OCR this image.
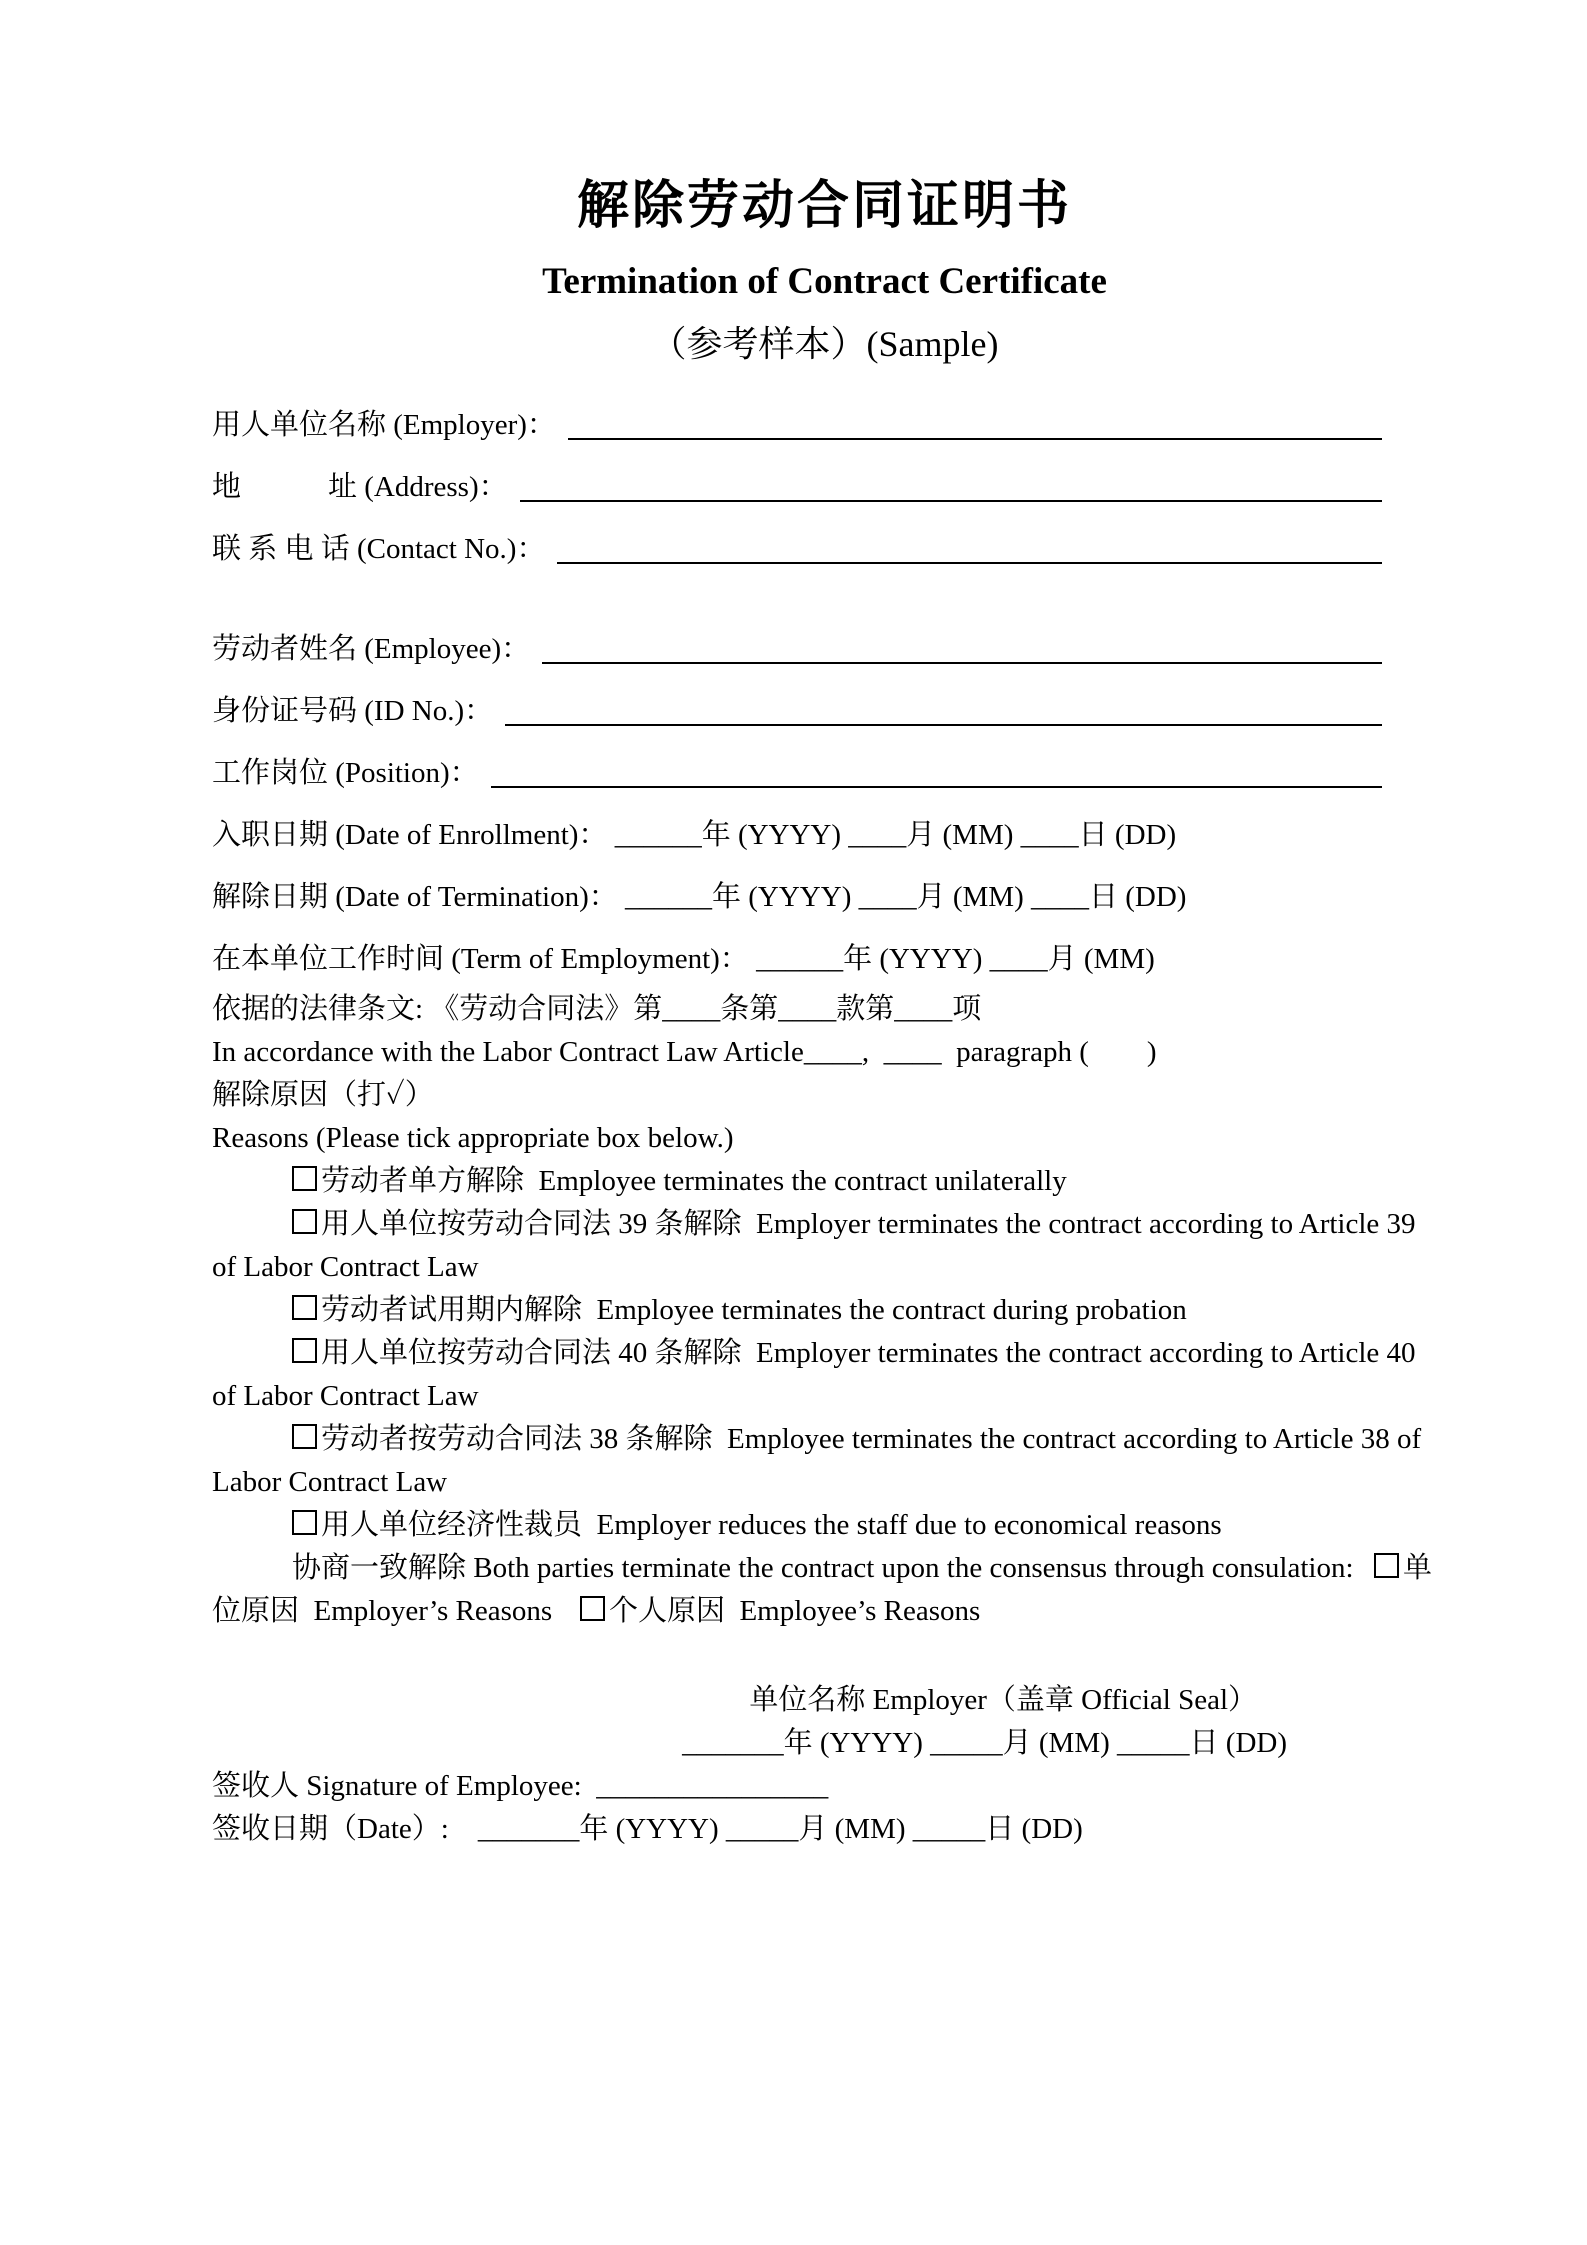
解除劳动合同证明书
Termination of Contract Certificate
（参考样本）(Sample)
用人单位名称 (Employer)：
地　　　址 (Address)：
联 系 电 话 (Contact No.)：
劳动者姓名 (Employee)：
身份证号码 (ID No.)：
工作岗位 (Position)：

入职日期 (Date of Enrollment)： ______年 (YYYY) ____月 (MM) ____日 (DD)

解除日期 (Date of Termination)： ______年 (YYYY) ____月 (MM) ____日 (DD)

在本单位工作时间 (Term of Employment)： ______年 (YYYY) ____月 (MM)

依据的法律条文: 《劳动合同法》第____条第____款第____项

In accordance with the Labor Contract Law Article____,  ____  paragraph (        )

解除原因（打✓）

Reasons (Please tick appropriate box below.)

劳动者单方解除  Employee terminates the contract unilaterally

用人单位按劳动合同法 39 条解除  Employer terminates the contract according to Article 39 of Labor Contract Law

劳动者试用期内解除  Employee terminates the contract during probation

用人单位按劳动合同法 40 条解除  Employer terminates the contract according to Article 40 of Labor Contract Law

劳动者按劳动合同法 38 条解除  Employee terminates the contract according to Article 38 of Labor Contract Law

用人单位经济性裁员  Employer reduces the staff due to economical reasons

协商一致解除 Both parties terminate the contract upon the consensus through consulation:  单位原因  Employer’s Reasons   个人原因  Employee’s Reasons

单位名称 Employer（盖章 Official Seal）

_______年 (YYYY) _____月 (MM) _____日 (DD)

签收人 Signature of Employee:  ________________

签收日期（Date）:    _______年 (YYYY) _____月 (MM) _____日 (DD)
